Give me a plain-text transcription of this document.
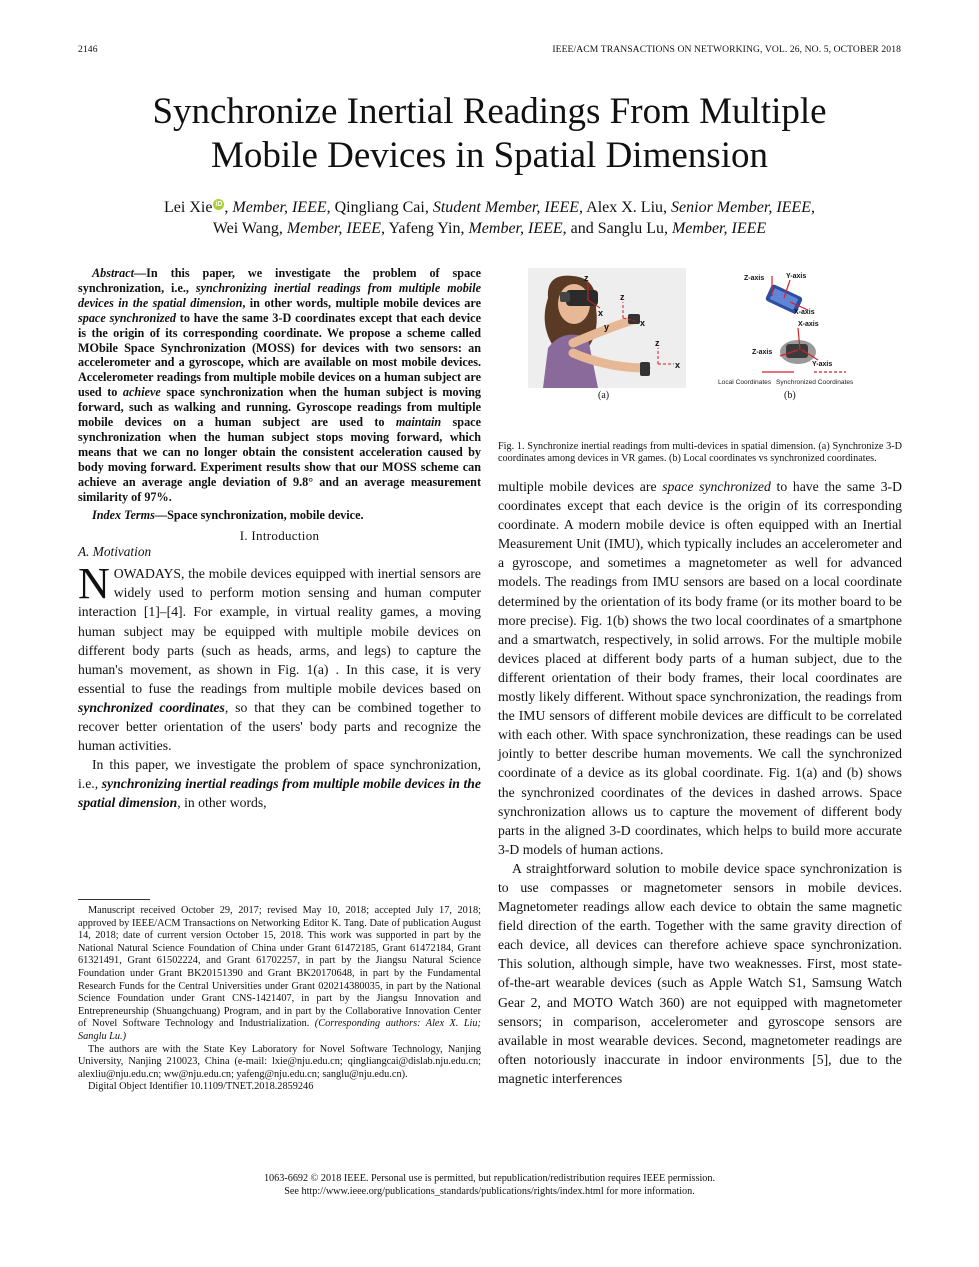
2146	IEEE/ACM TRANSACTIONS ON NETWORKING, VOL. 26, NO. 5, OCTOBER 2018
Synchronize Inertial Readings From Multiple
Mobile Devices in Spatial Dimension
Lei Xie iD , Member, IEEE, Qingliang Cai, Student Member, IEEE, Alex X. Liu, Senior Member, IEEE,
Wei Wang, Member, IEEE, Yafeng Yin, Member, IEEE, and Sanglu Lu, Member, IEEE

Abstract—In this paper, we investigate the problem of space synchronization, i.e., synchronizing inertial readings from multiple mobile devices in the spatial dimension, in other words, multiple mobile devices are space synchronized to have the same 3-D coordinates except that each device is the origin of its corresponding coordinate. We propose a scheme called MObile Space Synchronization (MOSS) for devices with two sensors: an accelerometer and a gyroscope, which are available on most mobile devices. Accelerometer readings from multiple mobile devices on a human subject are used to achieve space synchronization when the human subject is moving forward, such as walking and running. Gyroscope readings from multiple mobile devices on a human subject are used to maintain space synchronization when the human subject stops moving forward, which means that we can no longer obtain the consistent acceleration caused by body moving forward. Experiment results show that our MOSS scheme can achieve an average angle deviation of 9.8° and an average measurement similarity of 97%.

Index Terms—Space synchronization, mobile device.

I. Introduction
A. Motivation

NOWADAYS, the mobile devices equipped with inertial sensors are widely used to perform motion sensing and human computer interaction [1]–[4]. For example, in virtual reality games, a moving human subject may be equipped with multiple mobile devices on different body parts (such as heads, arms, and legs) to capture the human's movement, as shown in Fig. 1(a) . In this case, it is very essential to fuse the readings from multiple mobile devices based on synchronized coordinates, so that they can be combined together to recover better orientation of the users' body parts and recognize the human activities.

In this paper, we investigate the problem of space synchronization, i.e., synchronizing inertial readings from multiple mobile devices in the spatial dimension, in other words,

Manuscript received October 29, 2017; revised May 10, 2018; accepted July 17, 2018; approved by IEEE/ACM Transactions on Networking Editor K. Tang. Date of publication August 14, 2018; date of current version October 15, 2018. This work was supported in part by the National Natural Science Foundation of China under Grant 61472185, Grant 61472184, Grant 61321491, Grant 61502224, and Grant 61702257, in part by the Jiangsu Natural Science Foundation under Grant BK20151390 and Grant BK20170648, in part by the Fundamental Research Funds for the Central Universities under Grant 020214380035, in part by the National Science Foundation under Grant CNS-1421407, in part by the Jiangsu Innovation and Entrepreneurship (Shuangchuang) Program, and in part by the Collaborative Innovation Center of Novel Software Technology and Industrialization. (Corresponding authors: Alex X. Liu; Sanglu Lu.)

The authors are with the State Key Laboratory for Novel Software Technology, Nanjing University, Nanjing 210023, China (e-mail: lxie@nju.edu.cn; qingliangcai@dislab.nju.edu.cn; alexliu@nju.edu.cn; ww@nju.edu.cn; yafeng@nju.edu.cn; sanglu@nju.edu.cn).

Digital Object Identifier 10.1109/TNET.2018.2859246

z
x
z
x
y
z
x
(a)
Z-axis	Y-axis
X-axis
X-axis
Z-axis
Y-axis
Local Coordinates Synchronized Coordinates
(b)

Fig. 1. Synchronize inertial readings from multi-devices in spatial dimension. (a) Synchronize 3-D coordinates among devices in VR games. (b) Local coordinates vs synchronized coordinates.

multiple mobile devices are space synchronized to have the same 3-D coordinates except that each device is the origin of its corresponding coordinate. A modern mobile device is often equipped with an Inertial Measurement Unit (IMU), which typically includes an accelerometer and a gyroscope, and sometimes a magnetometer as well for advanced models. The readings from IMU sensors are based on a local coordinate determined by the orientation of its body frame (or its mother board to be more precise). Fig. 1(b) shows the two local coordinates of a smartphone and a smartwatch, respectively, in solid arrows. For the multiple mobile devices placed at different body parts of a human subject, due to the different orientation of their body frames, their local coordinates are mostly likely different. Without space synchronization, the readings from the IMU sensors of different mobile devices are difficult to be correlated with each other. With space synchronization, these readings can be used jointly to better describe human movements. We call the synchronized coordinate of a device as its global coordinate. Fig. 1(a) and (b) shows the synchronized coordinates of the devices in dashed arrows. Space synchronization allows us to capture the movement of different body parts in the aligned 3-D coordinates, which helps to build more accurate 3-D models of human actions.

A straightforward solution to mobile device space synchronization is to use compasses or magnetometer sensors in mobile devices. Magnetometer readings allow each device to obtain the same magnetic field direction of the earth. Together with the same gravity direction of each device, all devices can therefore achieve space synchronization. This solution, although simple, have two weaknesses. First, most state-of-the-art wearable devices (such as Apple Watch S1, Samsung Watch Gear 2, and MOTO Watch 360) are not equipped with magnetometer sensors; in comparison, accelerometer and gyroscope sensors are available in most wearable devices. Second, magnetometer readings are often notoriously inaccurate in indoor environments [5], due to the magnetic interferences

1063-6692 © 2018 IEEE. Personal use is permitted, but republication/redistribution requires IEEE permission.
See http://www.ieee.org/publications_standards/publications/rights/index.html for more information.
